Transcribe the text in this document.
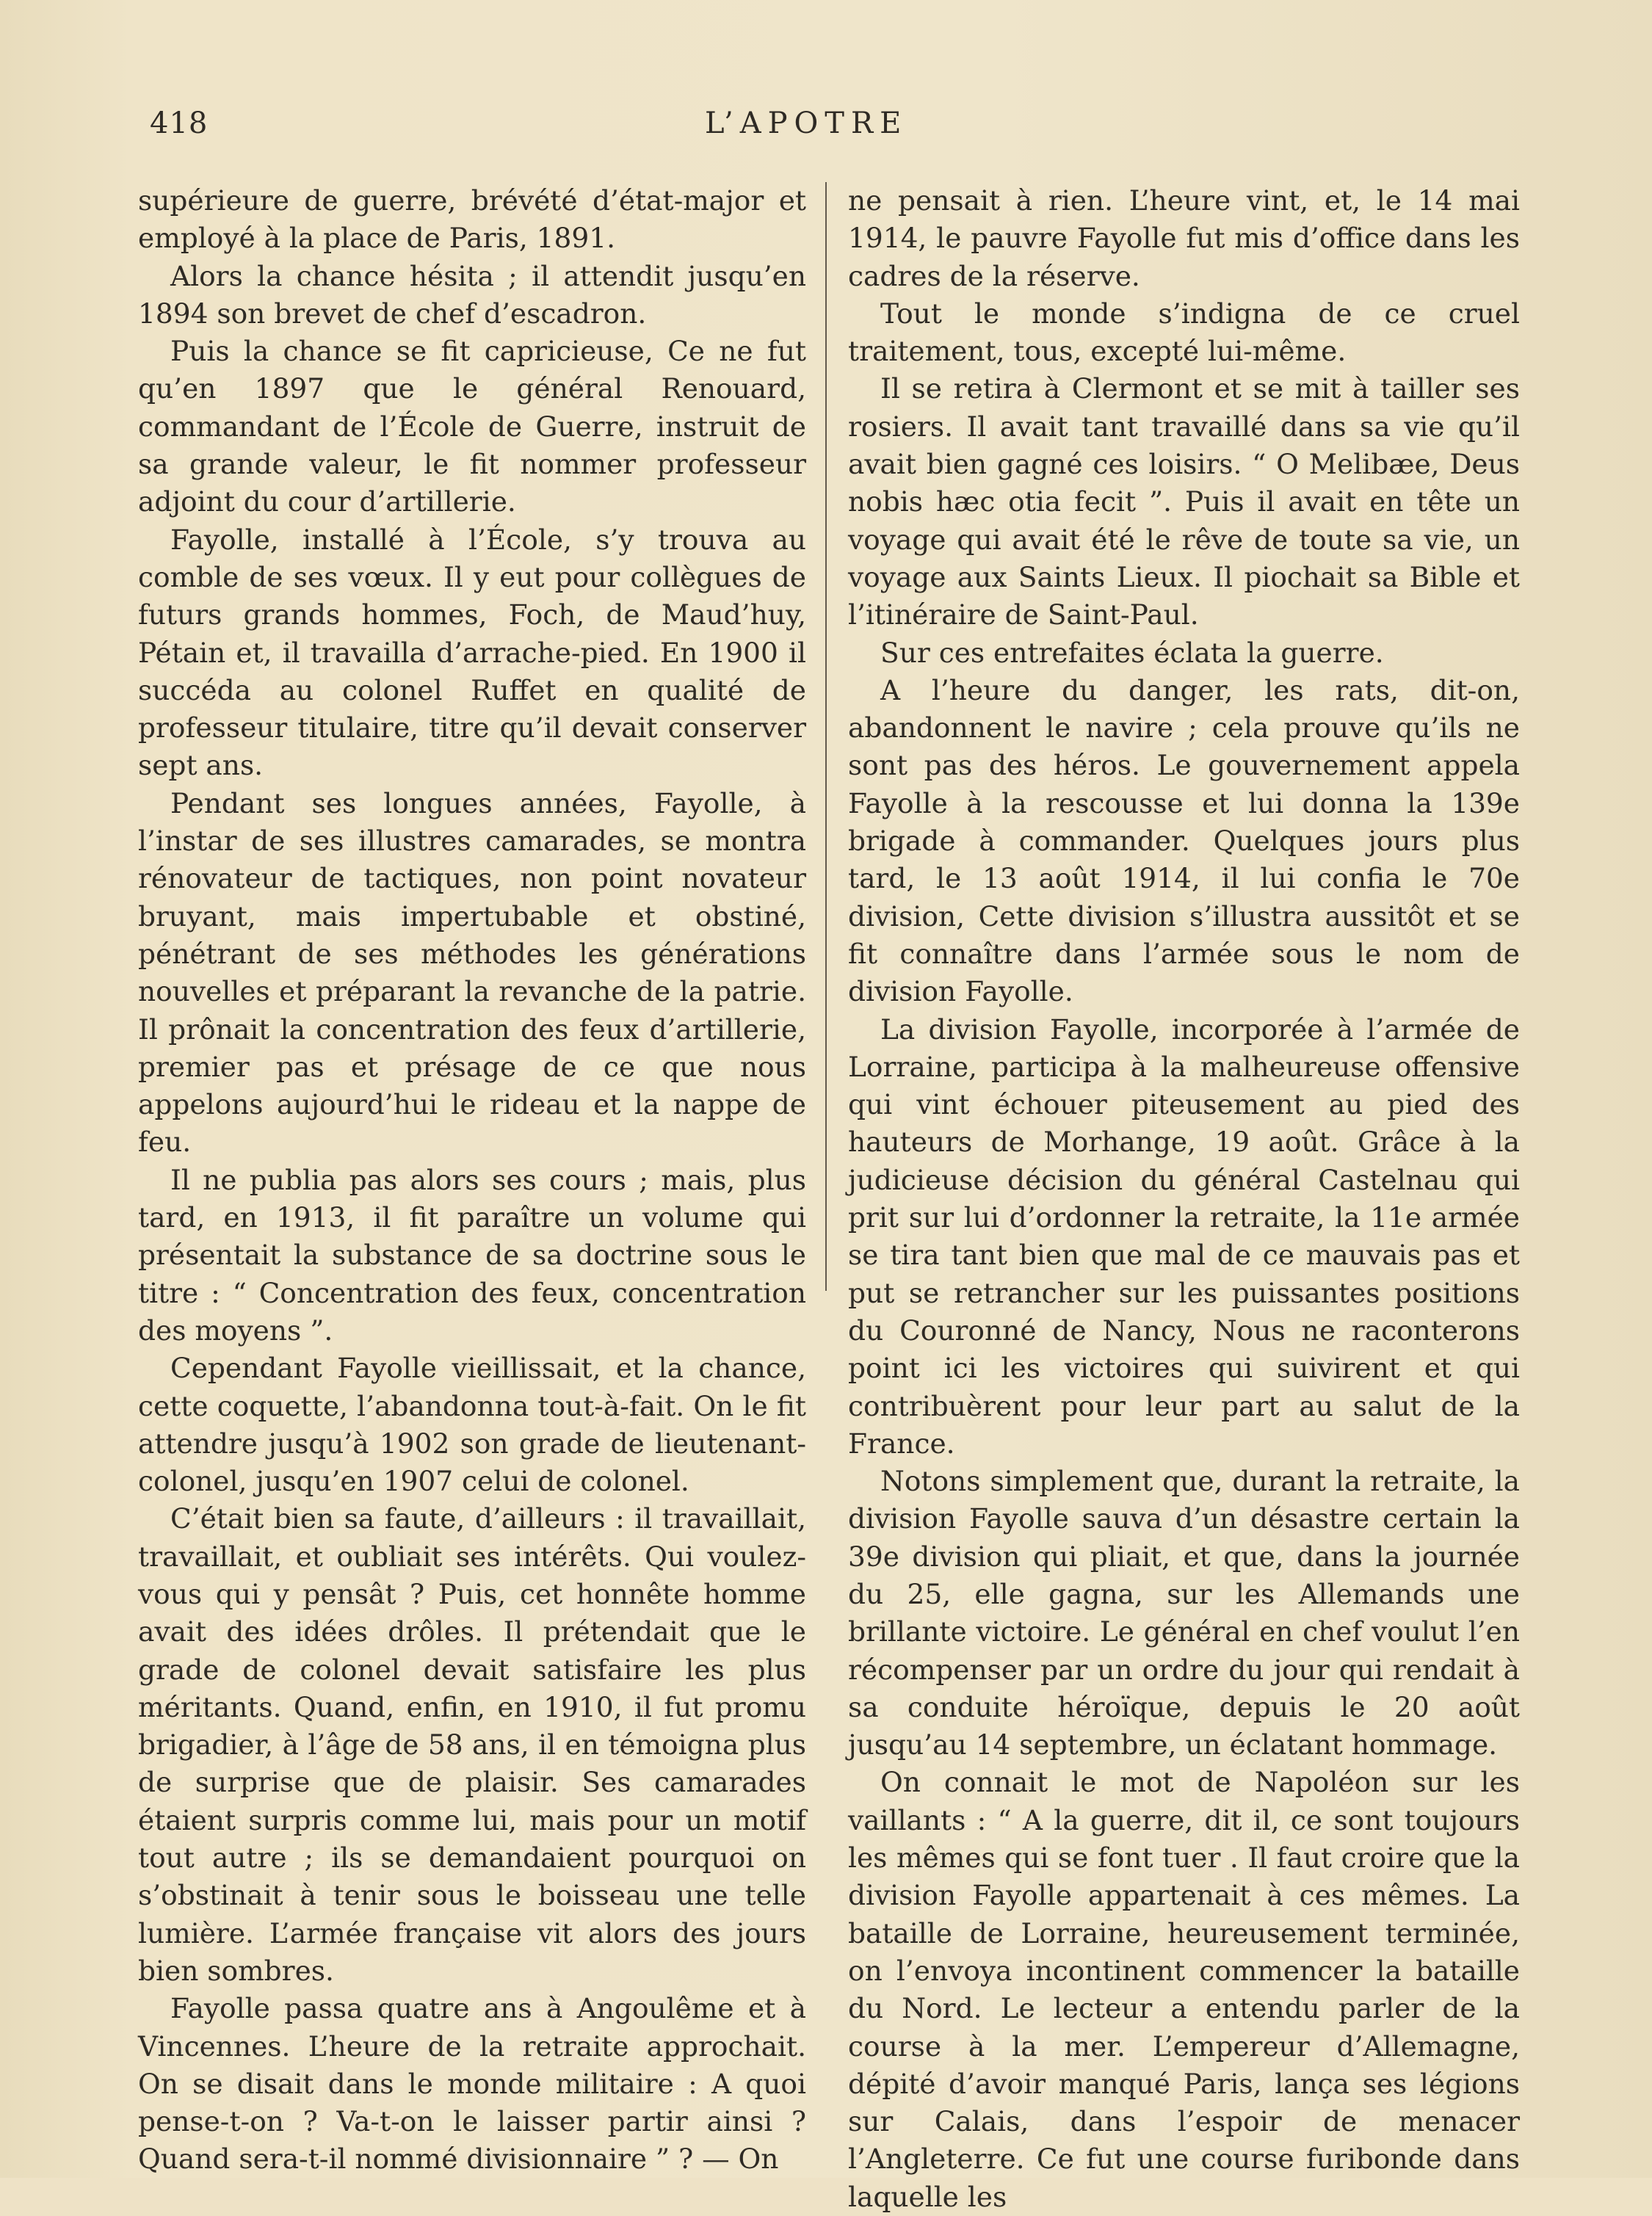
418	L’APOTRE

supérieure de guerre, brévété d’état-major et employé à la place de Paris, 1891.

Alors la chance hésita ; il attendit jusqu’en 1894 son brevet de chef d’escadron.

Puis la chance se fit capricieuse, Ce ne fut qu’en 1897 que le général Renouard, commandant de l’École de Guerre, instruit de sa grande valeur, le fit nommer professeur adjoint du cour d’artillerie.

Fayolle, installé à l’École, s’y trouva au comble de ses vœux. Il y eut pour collègues de futurs grands hommes, Foch, de Maud’huy, Pétain et, il travailla d’arrache-pied. En 1900 il succéda au colonel Ruffet en qualité de professeur titulaire, titre qu’il devait conserver sept ans.

Pendant ses longues années, Fayolle, à l’instar de ses illustres camarades, se montra rénovateur de tactiques, non point novateur bruyant, mais impertubable et obstiné, pénétrant de ses méthodes les générations nouvelles et préparant la revanche de la patrie. Il prônait la concentration des feux d’artillerie, premier pas et présage de ce que nous appelons aujourd’hui le rideau et la nappe de feu.

Il ne publia pas alors ses cours ; mais, plus tard, en 1913, il fit paraître un volume qui présentait la substance de sa doctrine sous le titre : “ Concentration des feux, concentration des moyens ”.

Cependant Fayolle vieillissait, et la chance, cette coquette, l’abandonna tout-à-fait. On le fit attendre jusqu’à 1902 son grade de lieutenant-colonel, jusqu’en 1907 celui de colonel.

C’était bien sa faute, d’ailleurs : il travaillait, travaillait, et oubliait ses intérêts. Qui voulez-vous qui y pensât ? Puis, cet honnête homme avait des idées drôles. Il prétendait que le grade de colonel devait satisfaire les plus méritants. Quand, enfin, en 1910, il fut promu brigadier, à l’âge de 58 ans, il en témoigna plus de surprise que de plaisir. Ses camarades étaient surpris comme lui, mais pour un motif tout autre ; ils se demandaient pourquoi on s’obstinait à tenir sous le boisseau une telle lumière. L’armée française vit alors des jours bien sombres.

Fayolle passa quatre ans à Angoulême et à Vincennes. L’heure de la retraite approchait. On se disait dans le monde militaire : A quoi pense-t-on ? Va-t-on le laisser partir ainsi ? Quand sera-t-il nommé divisionnaire ” ? — On

ne pensait à rien. L’heure vint, et, le 14 mai 1914, le pauvre Fayolle fut mis d’office dans les cadres de la réserve.

Tout le monde s’indigna de ce cruel traitement, tous, excepté lui-même.

Il se retira à Clermont et se mit à tailler ses rosiers. Il avait tant travaillé dans sa vie qu’il avait bien gagné ces loisirs. “ O Melibæe, Deus nobis hæc otia fecit ”. Puis il avait en tête un voyage qui avait été le rêve de toute sa vie, un voyage aux Saints Lieux. Il piochait sa Bible et l’itinéraire de Saint-Paul.

Sur ces entrefaites éclata la guerre.

A l’heure du danger, les rats, dit-on, abandonnent le navire ; cela prouve qu’ils ne sont pas des héros. Le gouvernement appela Fayolle à la rescousse et lui donna la 139e brigade à commander. Quelques jours plus tard, le 13 août 1914, il lui confia le 70e division, Cette division s’illustra aussitôt et se fit connaître dans l’armée sous le nom de division Fayolle.

La division Fayolle, incorporée à l’armée de Lorraine, participa à la malheureuse offensive qui vint échouer piteusement au pied des hauteurs de Morhange, 19 août. Grâce à la judicieuse décision du général Castelnau qui prit sur lui d’ordonner la retraite, la 11e armée se tira tant bien que mal de ce mauvais pas et put se retrancher sur les puissantes positions du Couronné de Nancy, Nous ne raconterons point ici les victoires qui suivirent et qui contribuèrent pour leur part au salut de la France.

Notons simplement que, durant la retraite, la division Fayolle sauva d’un désastre certain la 39e division qui pliait, et que, dans la journée du 25, elle gagna, sur les Allemands une brillante victoire. Le général en chef voulut l’en récompenser par un ordre du jour qui rendait à sa conduite héroïque, depuis le 20 août jusqu’au 14 septembre, un éclatant hommage.

On connait le mot de Napoléon sur les vaillants : “ A la guerre, dit il, ce sont toujours les mêmes qui se font tuer . Il faut croire que la division Fayolle appartenait à ces mêmes. La bataille de Lorraine, heureusement terminée, on l’envoya incontinent commencer la bataille du Nord. Le lecteur a entendu parler de la course à la mer. L’empereur d’Allemagne, dépité d’avoir manqué Paris, lança ses légions sur Calais, dans l’espoir de menacer l’Angleterre. Ce fut une course furibonde dans laquelle les
